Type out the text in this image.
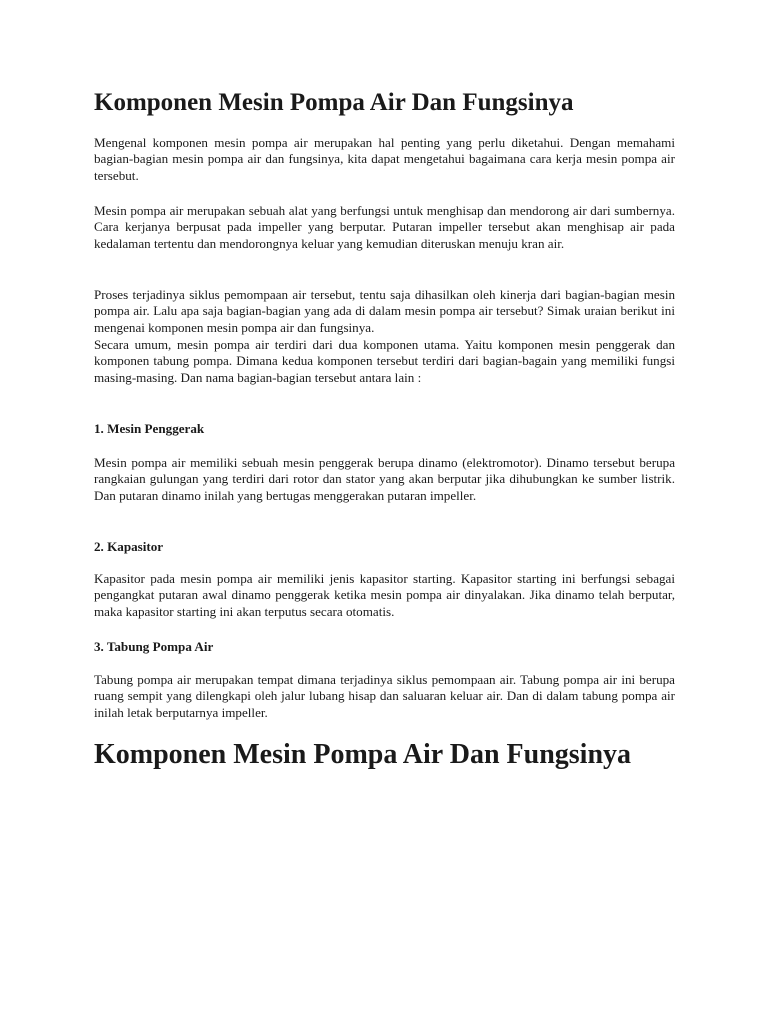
Komponen Mesin Pompa Air Dan Fungsinya

Mengenal komponen mesin pompa air merupakan hal penting yang perlu diketahui. Dengan memahami bagian-bagian mesin pompa air dan fungsinya, kita dapat mengetahui bagaimana cara kerja mesin pompa air tersebut.

Mesin pompa air merupakan sebuah alat yang berfungsi untuk menghisap dan mendorong air dari sumbernya. Cara kerjanya berpusat pada impeller yang berputar. Putaran impeller tersebut akan menghisap air pada kedalaman tertentu dan mendorongnya keluar yang kemudian diteruskan menuju kran air.

Proses terjadinya siklus pemompaan air tersebut, tentu saja dihasilkan oleh kinerja dari bagian-bagian mesin pompa air. Lalu apa saja bagian-bagian yang ada di dalam mesin pompa air tersebut? Simak uraian berikut ini mengenai komponen mesin pompa air dan fungsinya.

Secara umum, mesin pompa air terdiri dari dua komponen utama. Yaitu komponen mesin penggerak dan komponen tabung pompa. Dimana kedua komponen tersebut terdiri dari bagian-bagain yang memiliki fungsi masing-masing. Dan nama bagian-bagian tersebut antara lain :

1. Mesin Penggerak

Mesin pompa air memiliki sebuah mesin penggerak berupa dinamo (elektromotor). Dinamo tersebut berupa rangkaian gulungan yang terdiri dari rotor dan stator yang akan berputar jika dihubungkan ke sumber listrik. Dan putaran dinamo inilah yang bertugas menggerakan putaran impeller.

2. Kapasitor

Kapasitor pada mesin pompa air memiliki jenis kapasitor starting. Kapasitor starting ini berfungsi sebagai pengangkat putaran awal dinamo penggerak ketika mesin pompa air dinyalakan. Jika dinamo telah berputar, maka kapasitor starting ini akan terputus secara otomatis.

3. Tabung Pompa Air

Tabung pompa air merupakan tempat dimana terjadinya siklus pemompaan air. Tabung pompa air ini berupa ruang sempit yang dilengkapi oleh jalur lubang hisap dan saluaran keluar air. Dan di dalam tabung pompa air inilah letak berputarnya impeller.

Komponen Mesin Pompa Air Dan Fungsinya
